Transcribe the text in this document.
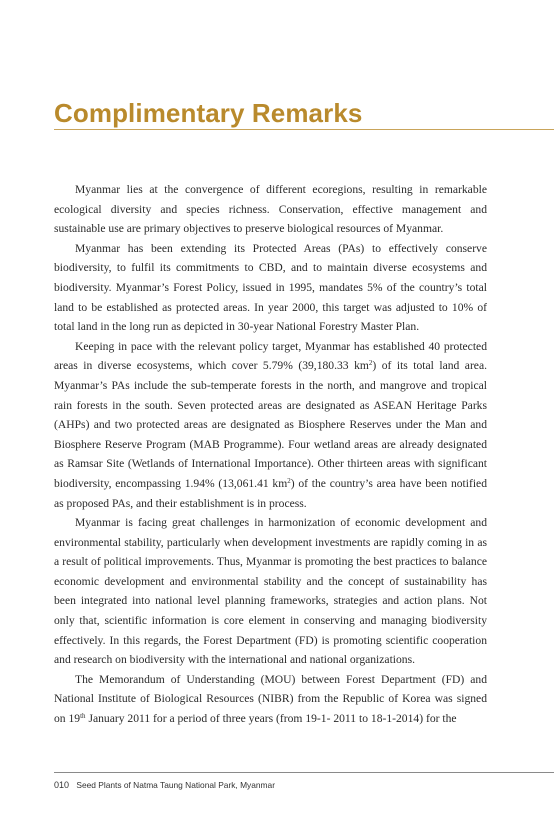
Complimentary Remarks

Myanmar lies at the convergence of different ecoregions, resulting in remarkable ecological diversity and species richness. Conservation, effective management and sustainable use are primary objectives to preserve biological resources of Myanmar.

Myanmar has been extending its Protected Areas (PAs) to effectively conserve biodiversity, to fulfil its commitments to CBD, and to maintain diverse ecosystems and biodiversity. Myanmar’s Forest Policy, issued in 1995, mandates 5% of the country’s total land to be established as protected areas. In year 2000, this target was adjusted to 10% of total land in the long run as depicted in 30-year National Forestry Master Plan.

Keeping in pace with the relevant policy target, Myanmar has established 40 protected areas in diverse ecosystems, which cover 5.79% (39,180.33 $km^2$) of its total land area. Myanmar’s PAs include the sub-temperate forests in the north, and mangrove and tropical rain forests in the south. Seven protected areas are designated as ASEAN Heritage Parks (AHPs) and two protected areas are designated as Biosphere Reserves under the Man and Biosphere Reserve Program (MAB Programme). Four wetland areas are already designated as Ramsar Site (Wetlands of International Importance). Other thirteen areas with significant biodiversity, encompassing 1.94% (13,061.41 $km^2$) of the country’s area have been notified as proposed PAs, and their establishment is in process.

Myanmar is facing great challenges in harmonization of economic development and environmental stability, particularly when development investments are rapidly coming in as a result of political improvements. Thus, Myanmar is promoting the best practices to balance economic development and environmental stability and the concept of sustainability has been integrated into national level planning frameworks, strategies and action plans. Not only that, scientific information is core element in conserving and managing biodiversity effectively. In this regards, the Forest Department (FD) is promoting scientific cooperation and research on biodiversity with the international and national organizations.

The Memorandum of Understanding (MOU) between Forest Department (FD) and National Institute of Biological Resources (NIBR) from the Republic of Korea was signed on 19th January 2011 for a period of three years (from 19-1- 2011 to 18-1-2014) for the

010 Seed Plants of Natma Taung National Park, Myanmar
